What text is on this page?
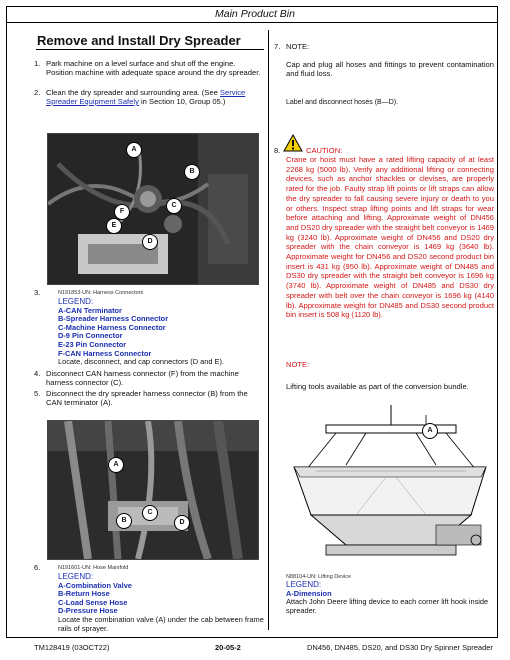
Main Product Bin
Remove and Install Dry Spreader
1. Park machine on a level surface and shut off the engine. Position machine with adequate space around the dry spreader.
2. Clean the dry spreader and surrounding area. (See Service Spreader Equipment Safely in Section 10, Group 05.)
A
B
C
D
E
F
3.	N191853-UN: Harness Connectors
LEGEND:
A-CAN Terminator
B-Spreader Harness Connector
C-Machine Harness Connector
D-9 Pin Connector
E-23 Pin Connector
F-CAN Harness Connector
Locate, disconnect, and cap connectors (D and E).
4. Disconnect CAN harness connector (F) from the machine harness connector (C).
5. Disconnect the dry spreader harness connector (B) from the CAN terminator (A).
A
B
C
D
6.	N191601-UN: Hose Manifold
LEGEND:
A-Combination Valve
B-Return Hose
C-Load Sense Hose
D-Pressure Hose
Locate the combination valve (A) under the cab between frame rails of sprayer.
7. NOTE:
Cap and plug all hoses and fittings to prevent contamination and fluid loss.
Label and disconnect hoses (B—D).
8.	CAUTION:
Crane or hoist must have a rated lifting capacity of at least 2268 kg (5000 lb). Verify any additional lifting or connecting devices, such as anchor shackles or clevises, are properly rated for the job. Faulty strap lift points or lift straps can allow the dry spreader to fall causing severe injury or death to you or others. Inspect strap lifting points and lift straps for wear before attaching and lifting. Approximate weight of DN456 and DS20 dry spreader with the straight belt conveyor is 1469 kg (3240 lb). Approximate weight of DN456 and DS20 dry spreader with the chain conveyor is 1469 kg (3640 lb). Approximate weight for DN456 and DS20 second product bin insert is 431 kg (950 lb). Approximate weight of DN485 and DS30 dry spreader with the straight belt conveyor is 1696 kg (3740 lb). Approximate weight of DN485 and DS30 dry spreader with belt over the chain conveyor is 1696 kg (4140 lb). Approximate weight for DN485 and DS30 second product bin insert is 508 kg (1120 lb).
NOTE:
Lifting tools available as part of the conversion bundle.
A
N88104-UN: Lifting Device
LEGEND:
A-Dimension
Attach John Deere lifting device to each corner lift hook inside spreader.
TM128419 (03OCT22)	20-05-2	DN456, DN485, DS20, and DS30 Dry Spinner Spreader
